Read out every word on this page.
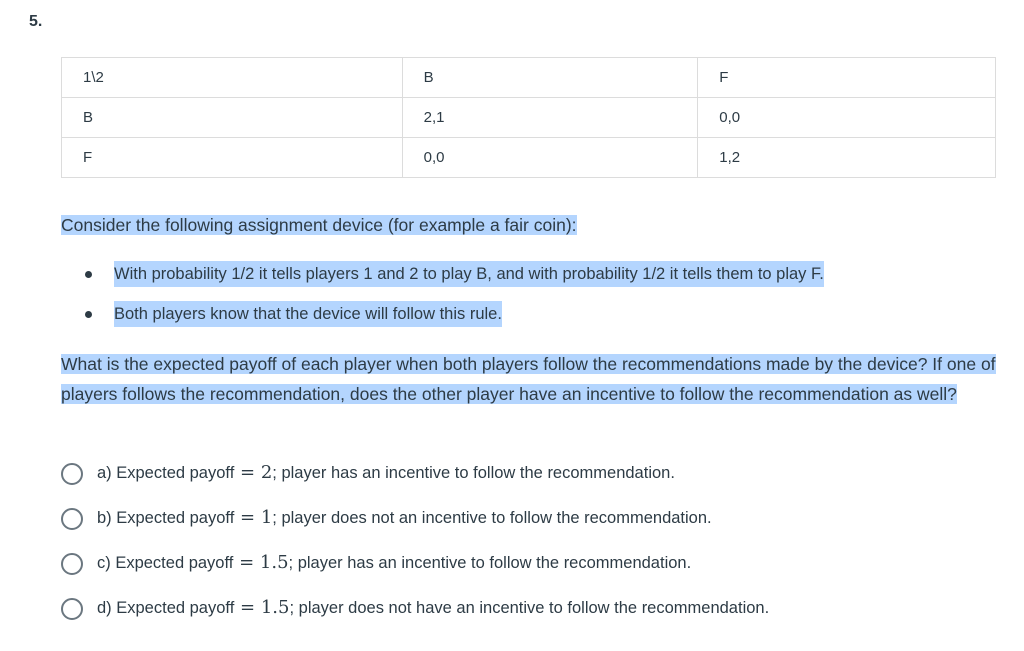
5.
1\2	B	F
B	2,1	0,0
F	0,0	1,2
Consider the following assignment device (for example a fair coin):
With probability 1/2 it tells players 1 and 2 to play B, and with probability 1/2 it tells them to play F.
Both players know that the device will follow this rule.
What is the expected payoff of each player when both players follow the recommendations made by the device? If one of players follows the recommendation, does the other player have an incentive to follow the recommendation as well?
a) Expected payoff = 2; player has an incentive to follow the recommendation.
b) Expected payoff = 1; player does not an incentive to follow the recommendation.
c) Expected payoff = 1.5; player has an incentive to follow the recommendation.
d) Expected payoff = 1.5; player does not have an incentive to follow the recommendation.
